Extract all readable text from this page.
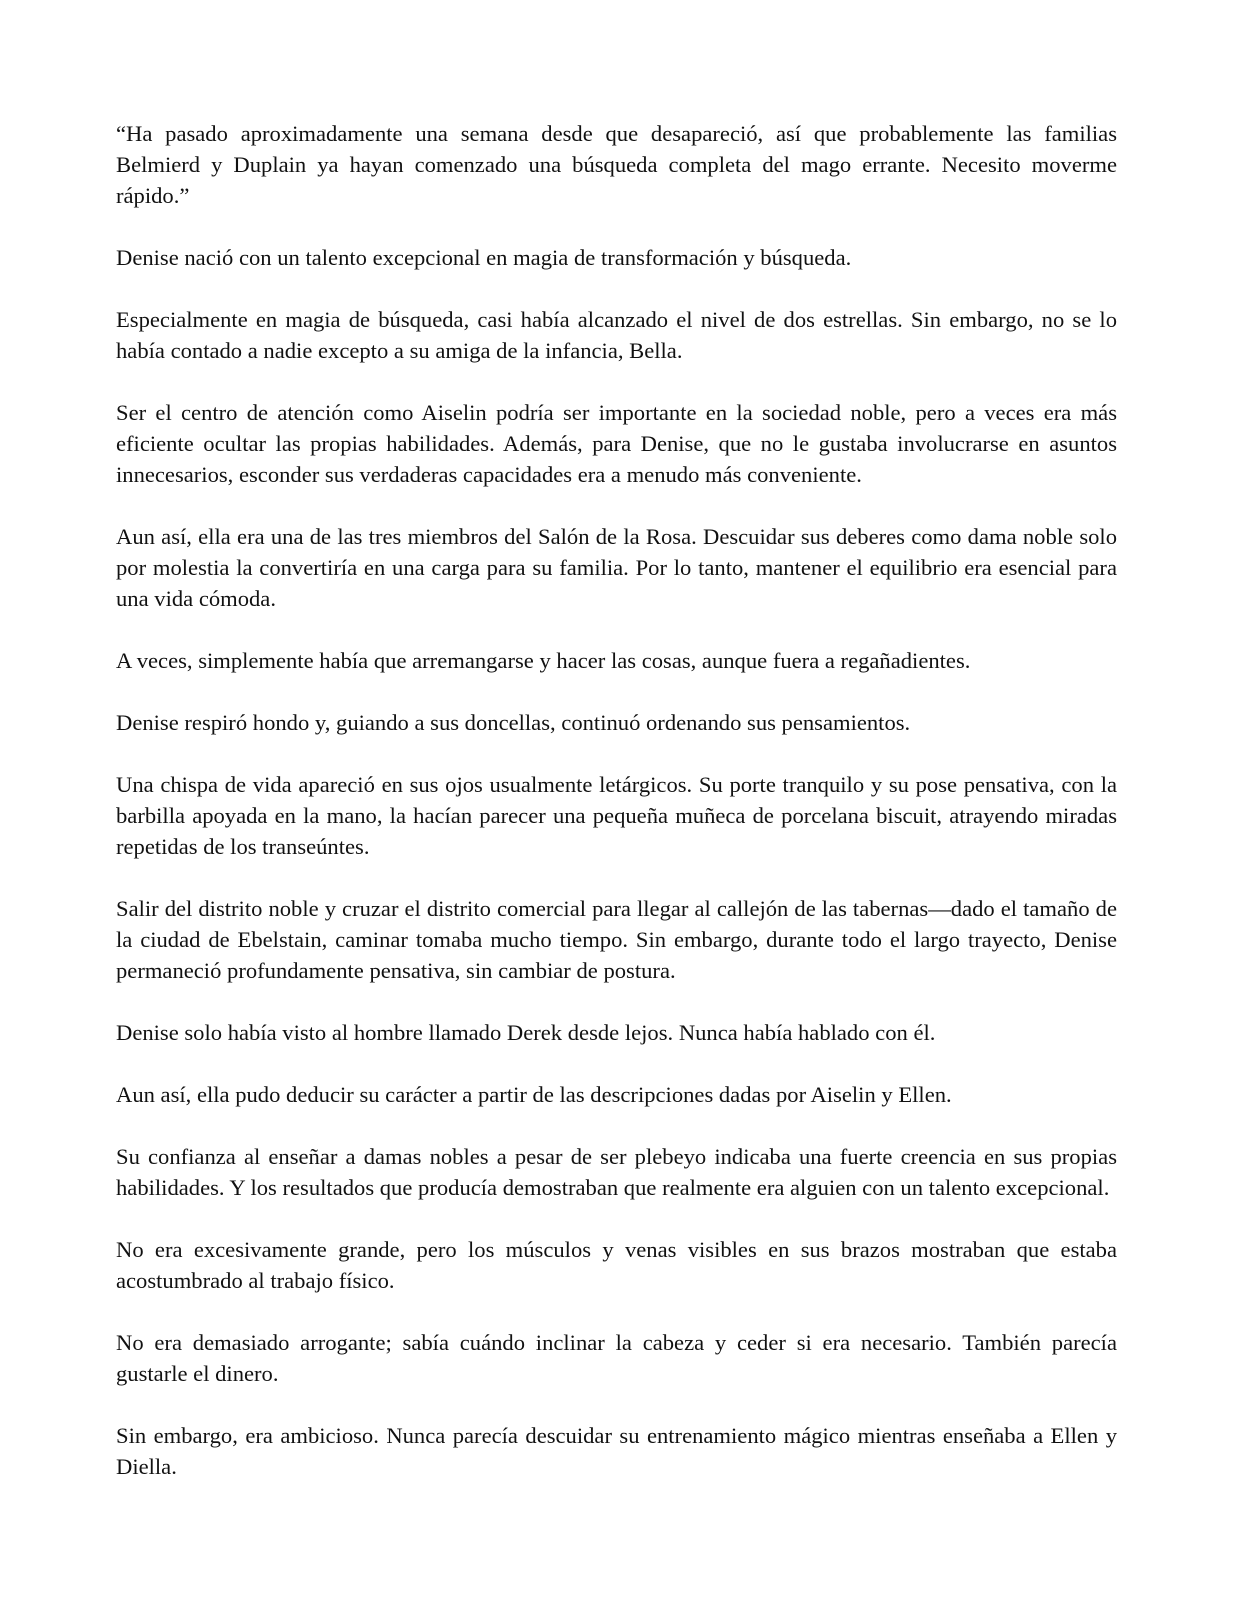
“Ha pasado aproximadamente una semana desde que desapareció, así que probablemente las familias Belmierd y Duplain ya hayan comenzado una búsqueda completa del mago errante. Necesito moverme rápido.”

Denise nació con un talento excepcional en magia de transformación y búsqueda.

Especialmente en magia de búsqueda, casi había alcanzado el nivel de dos estrellas. Sin embargo, no se lo había contado a nadie excepto a su amiga de la infancia, Bella.

Ser el centro de atención como Aiselin podría ser importante en la sociedad noble, pero a veces era más eficiente ocultar las propias habilidades. Además, para Denise, que no le gustaba involucrarse en asuntos innecesarios, esconder sus verdaderas capacidades era a menudo más conveniente.

Aun así, ella era una de las tres miembros del Salón de la Rosa. Descuidar sus deberes como dama noble solo por molestia la convertiría en una carga para su familia. Por lo tanto, mantener el equilibrio era esencial para una vida cómoda.

A veces, simplemente había que arremangarse y hacer las cosas, aunque fuera a regañadientes.

Denise respiró hondo y, guiando a sus doncellas, continuó ordenando sus pensamientos.

Una chispa de vida apareció en sus ojos usualmente letárgicos. Su porte tranquilo y su pose pensativa, con la barbilla apoyada en la mano, la hacían parecer una pequeña muñeca de porcelana biscuit, atrayendo miradas repetidas de los transeúntes.

Salir del distrito noble y cruzar el distrito comercial para llegar al callejón de las tabernas—dado el tamaño de la ciudad de Ebelstain, caminar tomaba mucho tiempo. Sin embargo, durante todo el largo trayecto, Denise permaneció profundamente pensativa, sin cambiar de postura.

Denise solo había visto al hombre llamado Derek desde lejos. Nunca había hablado con él.

Aun así, ella pudo deducir su carácter a partir de las descripciones dadas por Aiselin y Ellen.

Su confianza al enseñar a damas nobles a pesar de ser plebeyo indicaba una fuerte creencia en sus propias habilidades. Y los resultados que producía demostraban que realmente era alguien con un talento excepcional.

No era excesivamente grande, pero los músculos y venas visibles en sus brazos mostraban que estaba acostumbrado al trabajo físico.

No era demasiado arrogante; sabía cuándo inclinar la cabeza y ceder si era necesario. También parecía gustarle el dinero.

Sin embargo, era ambicioso. Nunca parecía descuidar su entrenamiento mágico mientras enseñaba a Ellen y Diella.
